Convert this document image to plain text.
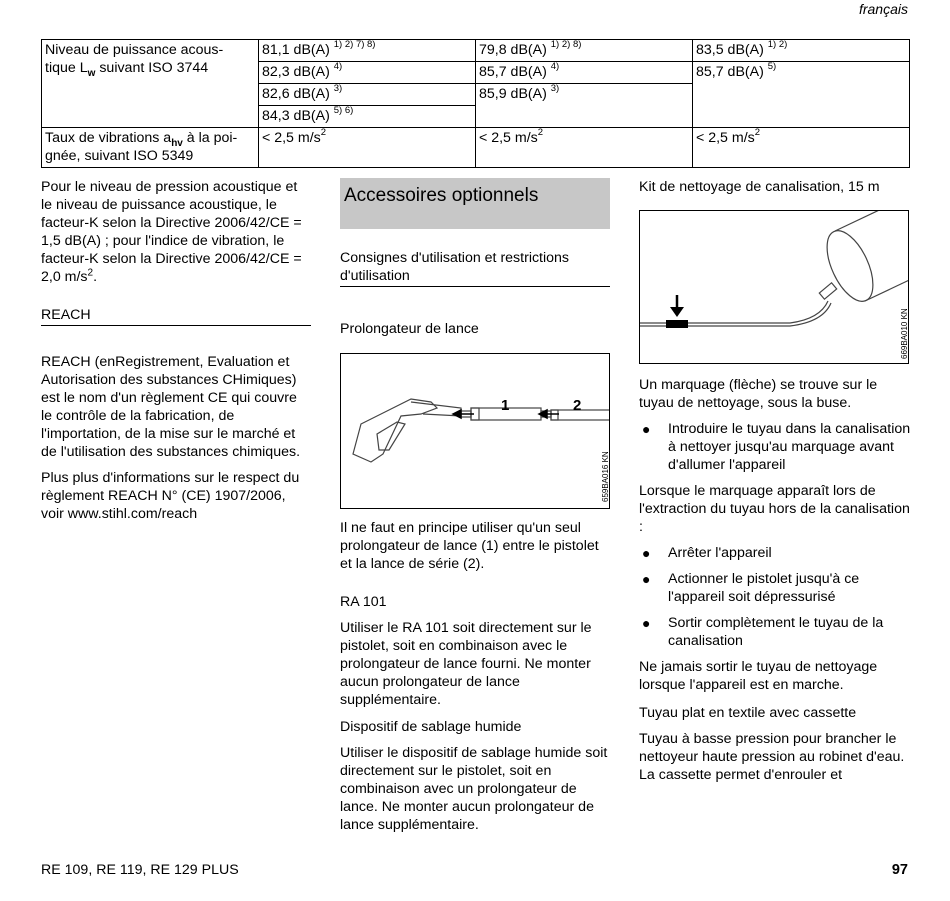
français
Niveau de puissance acous-
tique $L_w$ suivant ISO 3744	81,1 dB(A) $^{1) 2) 7) 8)}$	79,8 dB(A) $^{1) 2) 8)}$	83,5 dB(A) $^{1) 2)}$
	82,3 dB(A) $^{4)}$	85,7 dB(A) $^{4)}$	85,7 dB(A) $^{5)}$
	82,6 dB(A) $^{3)}$	85,9 dB(A) $^{3)}$
	84,3 dB(A) $^{5) 6)}$
Taux de vibrations $a_{hv}$ à la poi-
gnée, suivant ISO 5349	< 2,5 $m/s^2$	< 2,5 $m/s^2$	< 2,5 $m/s^2$

Pour le niveau de pression acoustique et le niveau de puissance acoustique, le facteur-K selon la Directive 2006/42/CE = 1,5 dB(A) ; pour l'indice de vibration, le facteur-K selon la Directive 2006/42/CE = 2,0 $m/s^2$.

REACH

REACH (enRegistrement, Evaluation et Autorisation des substances CHimiques) est le nom d'un règlement CE qui couvre le contrôle de la fabrication, de l'importation, de la mise sur le marché et de l'utilisation des substances chimiques.

Plus plus d'informations sur le respect du règlement REACH N° (CE) 1907/2006, voir www.stihl.com/reach

Accessoires optionnels
Consignes d'utilisation et restrictions d'utilisation
Prolongateur de lance
1	2
659BA016 KN

Il ne faut en principe utiliser qu'un seul prolongateur de lance (1) entre le pistolet et la lance de série (2).

RA 101

Utiliser le RA 101 soit directement sur le pistolet, soit en combinaison avec le prolongateur de lance fourni. Ne monter aucun prolongateur de lance supplémentaire.

Dispositif de sablage humide

Utiliser le dispositif de sablage humide soit directement sur le pistolet, soit en combinaison avec un prolongateur de lance. Ne monter aucun prolongateur de lance supplémentaire.

Kit de nettoyage de canalisation, 15 m
669BA010 KN

Un marquage (flèche) se trouve sur le tuyau de nettoyage, sous la buse.

● Introduire le tuyau dans la canalisation à nettoyer jusqu'au marquage avant d'allumer l'appareil

Lorsque le marquage apparaît lors de l'extraction du tuyau hors de la canalisation :

● Arrêter l'appareil
● Actionner le pistolet jusqu'à ce l'appareil soit dépressurisé
● Sortir complètement le tuyau de la canalisation

Ne jamais sortir le tuyau de nettoyage lorsque l'appareil est en marche.

Tuyau plat en textile avec cassette

Tuyau à basse pression pour brancher le nettoyeur haute pression au robinet d'eau. La cassette permet d'enrouler et

RE 109, RE 119, RE 129 PLUS	97
